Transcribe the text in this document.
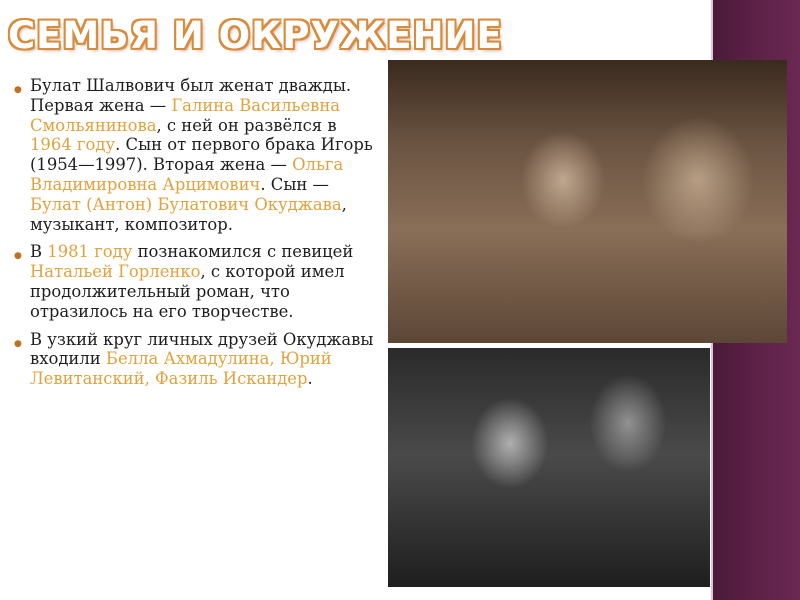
СЕМЬЯ И ОКРУЖЕНИЕ

● Булат Шалвович был женат дважды. Первая жена — Галина Васильевна Смольянинова, с ней он развёлся в 1964 году. Сын от первого брака Игорь (1954—1997). Вторая жена — Ольга Владимировна Арцимович. Сын — Булат (Антон) Булатович Окуджава, музыкант, композитор.

● В 1981 году познакомился с певицей Натальей Горленко, с которой имел продолжительный роман, что отразилось на его творчестве.

● В узкий круг личных друзей Окуджавы входили Белла Ахмадулина, Юрий Левитанский, Фазиль Искандер.
